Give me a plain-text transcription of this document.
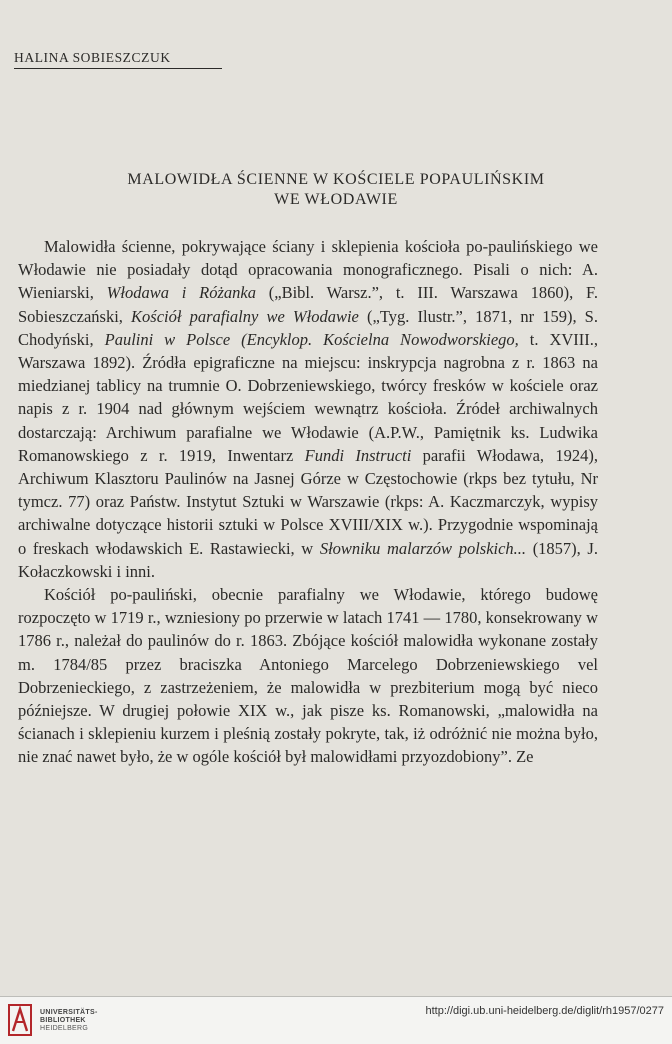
HALINA SOBIESZCZUK
MALOWIDŁA ŚCIENNE W KOŚCIELE POPAULIŃSKIM
WE WŁODAWIE

Malowidła ścienne, pokrywające ściany i sklepienia kościoła po-paulińskiego we Włodawie nie posiadały dotąd opracowania monograficznego. Pisali o nich: A. Wieniarski, Włodawa i Różanka („Bibl. Warsz.”, t. III. Warszawa 1860), F. Sobieszczański, Kościół parafialny we Włodawie („Tyg. Ilustr.”, 1871, nr 159), S. Chodyński, Paulini w Polsce (Encyklop. Kościelna Nowodworskiego, t. XVIII., Warszawa 1892). Źródła epigraficzne na miejscu: inskrypcja nagrobna z r. 1863 na miedzianej tablicy na trumnie O. Dobrzeniewskiego, twórcy fresków w kościele oraz napis z r. 1904 nad głównym wejściem wewnątrz kościoła. Źródeł archiwalnych dostarczają: Archiwum parafialne we Włodawie (A.P.W., Pamiętnik ks. Ludwika Romanowskiego z r. 1919, Inwentarz Fundi Instructi parafii Włodawa, 1924), Archiwum Klasztoru Paulinów na Jasnej Górze w Częstochowie (rkps bez tytułu, Nr tymcz. 77) oraz Państw. Instytut Sztuki w Warszawie (rkps: A. Kaczmarczyk, wypisy archiwalne dotyczące historii sztuki w Polsce XVIII/XIX w.). Przygodnie wspominają o freskach włodawskich E. Rastawiecki, w Słowniku malarzów polskich... (1857), J. Kołaczkowski i inni.

Kościół po-pauliński, obecnie parafialny we Włodawie, którego budowę rozpoczęto w 1719 r., wzniesiony po przerwie w latach 1741 — 1780, konsekrowany w 1786 r., należał do paulinów do r. 1863. Zbójące kościół malowidła wykonane zostały m. 1784/85 przez braciszka Antoniego Marcelego Dobrzeniewskiego vel Dobrzenieckiego, z zastrzeżeniem, że malowidła w prezbiterium mogą być nieco późniejsze. W drugiej połowie XIX w., jak pisze ks. Romanowski, „malowidła na ścianach i sklepieniu kurzem i pleśnią zostały pokryte, tak, iż odróżnić nie można było, nie znać nawet było, że w ogóle kościół był malowidłami przyozdobiony”. Ze

UNIVERSITÄTS-
BIBLIOTHEK
HEIDELBERG
http://digi.ub.uni-heidelberg.de/diglit/rh1957/0277
